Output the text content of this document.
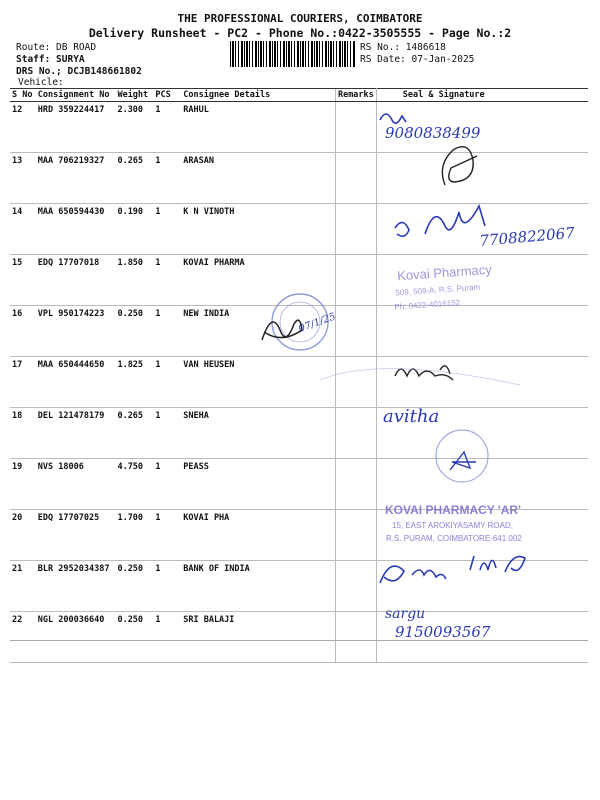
THE PROFESSIONAL COURIERS, COIMBATORE
Delivery Runsheet - PC2 - Phone No.:0422-3505555 - Page No.:2
Route: DB ROAD
Staff: SURYA
DRS No.; DCJB148661802
Vehicle:
RS No.: 1486618
RS Date: 07-Jan-2025
S No	Consignment No	Weight	PCS	Consignee Details	Remarks	Seal & Signature
12	HRD 359224417	2.300	1	RAHUL		
13	MAA 706219327	0.265	1	ARASAN		
14	MAA 650594430	0.190	1	K N VINOTH		
15	EDQ 17707018	1.850	1	KOVAI PHARMA		
16	VPL 950174223	0.250	1	NEW INDIA		
17	MAA 650444650	1.825	1	VAN HEUSEN		
18	DEL 121478179	0.265	1	SNEHA		
19	NVS 18006	4.750	1	PEASS		
20	EDQ 17707025	1.700	1	KOVAI PHA		
21	BLR 2952034387	0.250	1	BANK OF INDIA		
22	NGL 200036640	0.250	1	SRI BALAJI		
9080838499
7708822067
Kovai Pharmacy
509, 509-A, R.S. Puram
Ph: 0422-4016152
07/1/25
avitha
KOVAI PHARMACY 'AR'
15, EAST AROKIYASAMY ROAD,
R.S. PURAM, COIMBATORE-641 002
sargu
9150093567
